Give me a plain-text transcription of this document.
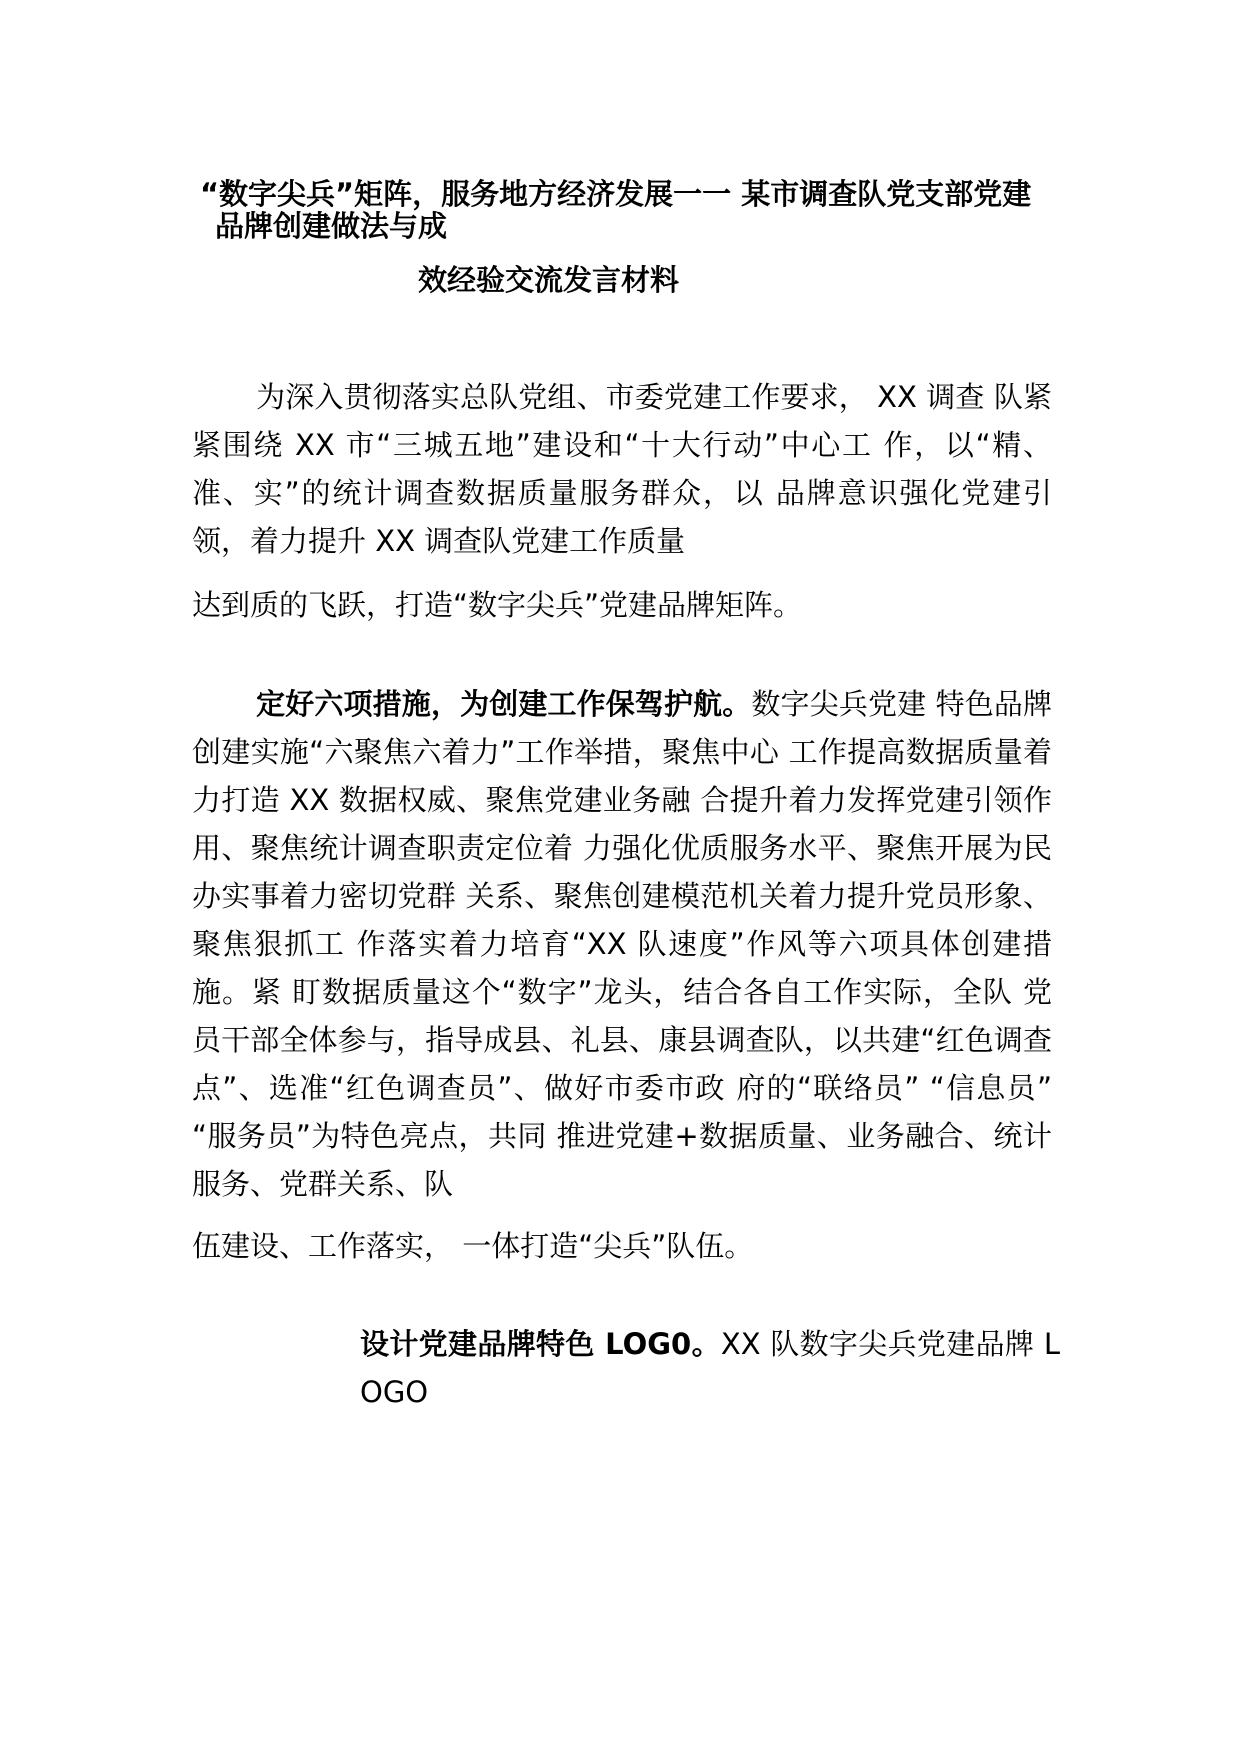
“数字尖兵”矩阵，服务地方经济发展一一 某市调查队党支部党建
品牌创建做法与成
效经验交流发言材料
为深入贯彻落实总队党组、市委党建工作要求， XX 调查 队紧紧围绕 XX 市“三城五地”建设和“十大行动”中心工 作，以“精、准、实”的统计调查数据质量服务群众，以 品牌意识强化党建引领，着力提升 XX 调查队党建工作质量
达到质的飞跃，打造“数字尖兵”党建品牌矩阵。
定好六项措施，为创建工作保驾护航。数字尖兵党建 特色品牌创建实施“六聚焦六着力”工作举措，聚焦中心 工作提高数据质量着力打造 XX 数据权威、聚焦党建业务融 合提升着力发挥党建引领作用、聚焦统计调查职责定位着 力强化优质服务水平、聚焦开展为民办实事着力密切党群 关系、聚焦创建模范机关着力提升党员形象、聚焦狠抓工 作落实着力培育“XX 队速度”作风等六项具体创建措施。紧 盯数据质量这个“数字”龙头，结合各自工作实际，全队 党员干部全体参与，指导成县、礼县、康县调查队，以共建“红色调查点”、选准“红色调查员”、做好市委市政 府的“联络员” “信息员” “服务员”为特色亮点，共同 推进党建+数据质量、业务融合、统计服务、党群关系、队
伍建设、工作落实， 一体打造“尖兵”队伍。
设计党建品牌特色 LOG0。XX 队数字尖兵党建品牌 LOGO
